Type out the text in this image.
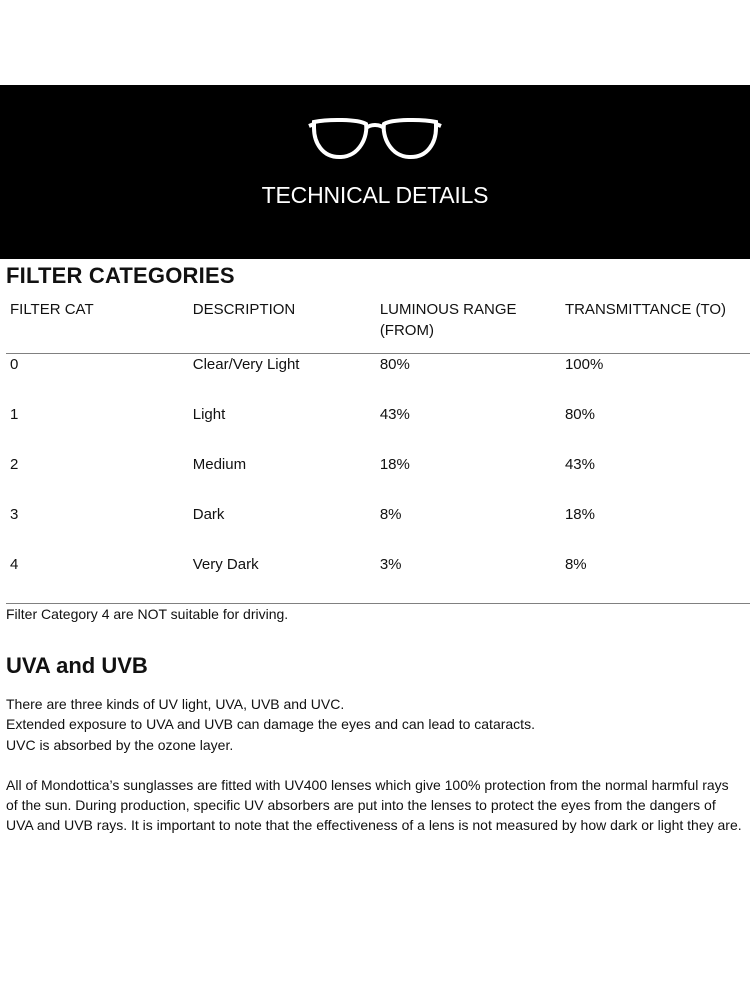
TECHNICAL DETAILS
FILTER CATEGORIES
FILTER CAT	DESCRIPTION	LUMINOUS RANGE (FROM)	TRANSMITTANCE (TO)
0	Clear/Very Light	80%	100%
1	Light	43%	80%
2	Medium	18%	43%
3	Dark	8%	18%
4	Very Dark	3%	8%

Filter Category 4 are NOT suitable for driving.

UVA and UVB

There are three kinds of UV light, UVA, UVB and UVC.

Extended exposure to UVA and UVB can damage the eyes and can lead to cataracts.

UVC is absorbed by the ozone layer.

All of Mondottica’s sunglasses are fitted with UV400 lenses which give 100% protection from the normal harmful rays of the sun. During production, specific UV absorbers are put into the lenses to protect the eyes from the dangers of UVA and UVB rays. It is important to note that the effectiveness of a lens is not measured by how dark or light they are.
